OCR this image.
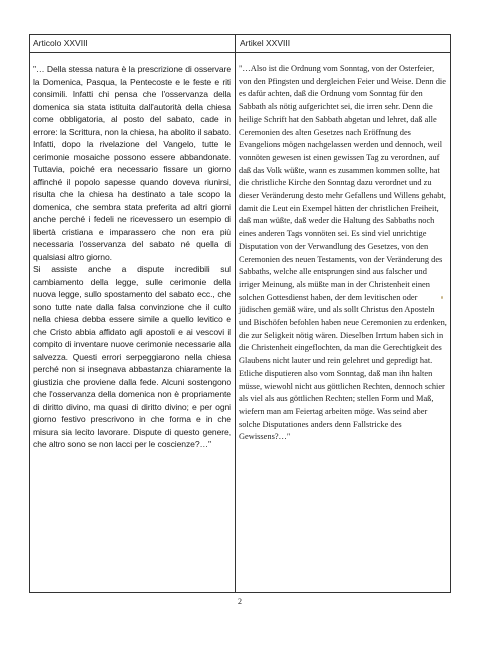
Articolo XXVIII	Artikel XXVIII

"… Della stessa natura è la prescrizione di osservare la Domenica, Pasqua, la Pentecoste e le feste e riti consimili. Infatti chi pensa che l'osservanza della domenica sia stata istituita dall'autorità della chiesa come obbligatoria, al posto del sabato, cade in errore: la Scrittura, non la chiesa, ha abolito il sabato. Infatti, dopo la rivelazione del Vangelo, tutte le cerimonie mosaiche possono essere abbandonate. Tuttavia, poiché era necessario fissare un giorno affinché il popolo sapesse quando doveva riunirsi, risulta che la chiesa ha destinato a tale scopo la domenica, che sembra stata preferita ad altri giorni anche perché i fedeli ne ricevessero un esempio di libertà cristiana e imparassero che non era più necessaria l'osservanza del sabato né quella di qualsiasi altro giorno.
Si assiste anche a dispute incredibili sul cambiamento della legge, sulle cerimonie della nuova legge, sullo spostamento del sabato ecc., che sono tutte nate dalla falsa convinzione che il culto nella chiesa debba essere simile a quello levitico e che Cristo abbia affidato agli apostoli e ai vescovi il compito di inventare nuove cerimonie necessarie alla salvezza. Questi errori serpeggiarono nella chiesa perché non si insegnava abbastanza chiaramente la giustizia che proviene dalla fede. Alcuni sostengono che l'osservanza della domenica non è propriamente di diritto divino, ma quasi di diritto divino; e per ogni giorno festivo prescrivono in che forma e in che misura sia lecito lavorare. Dispute di questo genere, che altro sono se non lacci per le coscienze?…"

"…Also ist die Ordnung vom Sonntag, von der Osterfeier, von den Pfingsten und dergleichen Feier und Weise. Denn die es dafür achten, daß die Ordnung vom Sonntag für den Sabbath als nötig aufgerichtet sei, die irren sehr. Denn die heilige Schrift hat den Sabbath abgetan und lehret, daß alle Ceremonien des alten Gesetzes nach Eröffnung des Evangelions mögen nachgelassen werden und dennoch, weil vonnöten gewesen ist einen gewissen Tag zu verordnen, auf daß das Volk wüßte, wann es zusammen kommen sollte, hat die christliche Kirche den Sonntag dazu verordnet und zu dieser Veränderung desto mehr Gefallens und Willens gehabt, damit die Leut ein Exempel hätten der christlichen Freiheit, daß man wüßte, daß weder die Haltung des Sabbaths noch eines anderen Tags vonnöten sei. Es sind viel unrichtige Disputation von der Verwandlung des Gesetzes, von den Ceremonien des neuen Testaments, von der Veränderung des Sabbaths, welche alle entsprungen sind aus falscher und irriger Meinung, als müßte man in der Christenheit einen solchen Gottesdienst haben, der dem levitischen oder jüdischen gemäß wäre, und als sollt Christus den Aposteln und Bischöfen befohlen haben neue Ceremonien zu erdenken, die zur Seligkeit nötig wären. Dieselben Irrtum haben sich in die Christenheit eingeflochten, da man die Gerechtigkeit des Glaubens nicht lauter und rein gelehret und gepredigt hat. Etliche disputieren also vom Sonntag, daß man ihn halten müsse, wiewohl nicht aus göttlichen Rechten, dennoch schier als viel als aus göttlichen Rechten; stellen Form und Maß, wiefern man am Feiertag arbeiten möge. Was seind aber solche Disputationes anders denn Fallstricke des Gewissens?…"

2
